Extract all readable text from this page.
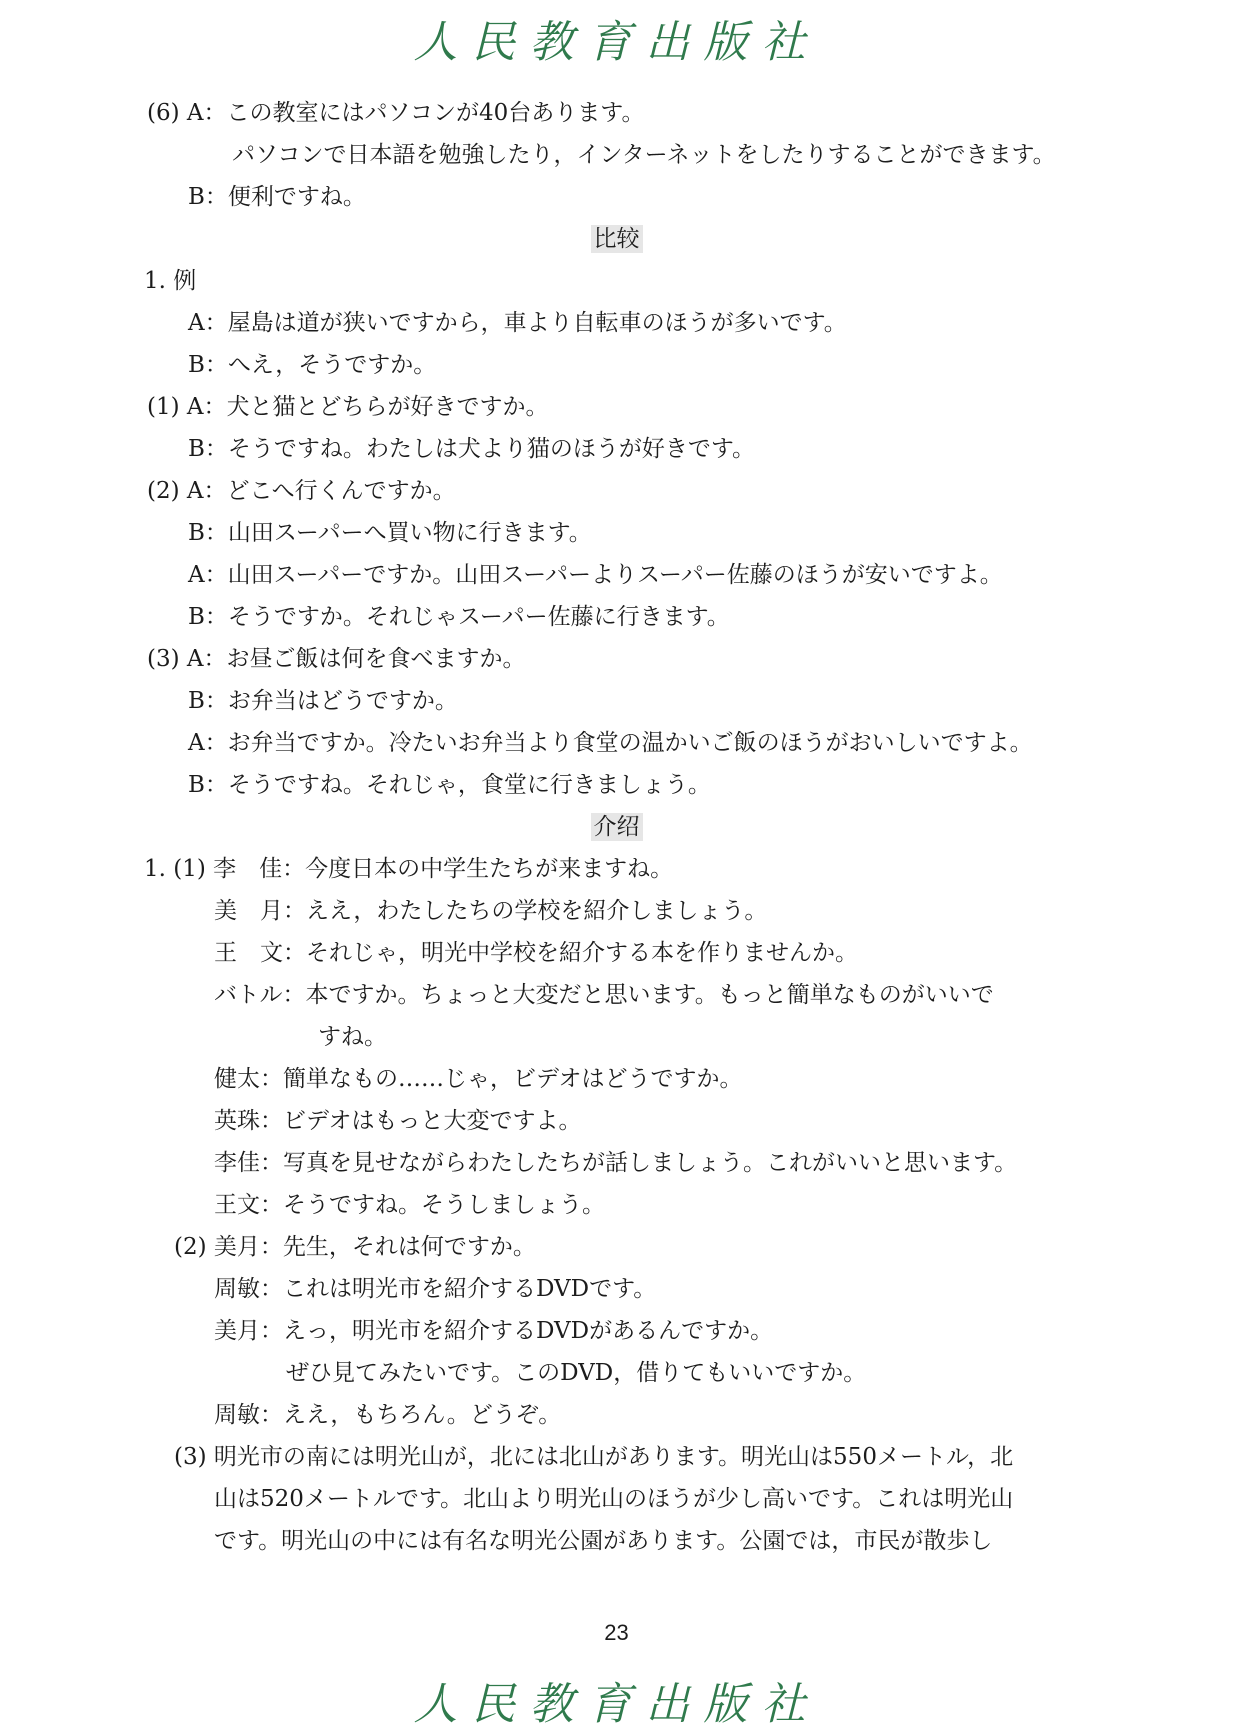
人民教育出版社
(6) A：この教室にはパソコンが40台あります。
パソコンで日本語を勉強したり，インターネットをしたりすることができます。
B：便利ですね。
比较
1. 例
A：屋島は道が狭いですから，車より自転車のほうが多いです。
B：へえ，そうですか。
(1) A：犬と猫とどちらが好きですか。
B：そうですね。わたしは犬より猫のほうが好きです。
(2) A：どこへ行くんですか。
B：山田スーパーへ買い物に行きます。
A：山田スーパーですか。山田スーパーよりスーパー佐藤のほうが安いですよ。
B：そうですか。それじゃスーパー佐藤に行きます。
(3) A：お昼ご飯は何を食べますか。
B：お弁当はどうですか。
A：お弁当ですか。冷たいお弁当より食堂の温かいご飯のほうがおいしいですよ。
B：そうですね。それじゃ，食堂に行きましょう。
介绍
1. (1) 李　佳：今度日本の中学生たちが来ますね。
美　月：ええ，わたしたちの学校を紹介しましょう。
王　文：それじゃ，明光中学校を紹介する本を作りませんか。
バトル：本ですか。ちょっと大変だと思います。もっと簡単なものがいいで
すね。
健太：簡単なもの……じゃ，ビデオはどうですか。
英珠：ビデオはもっと大変ですよ。
李佳：写真を見せながらわたしたちが話しましょう。これがいいと思います。
王文：そうですね。そうしましょう。
(2) 美月：先生，それは何ですか。
周敏：これは明光市を紹介するDVDです。
美月：えっ，明光市を紹介するDVDがあるんですか。
ぜひ見てみたいです。このDVD，借りてもいいですか。
周敏：ええ，もちろん。どうぞ。
(3) 明光市の南には明光山が，北には北山があります。明光山は550メートル，北
山は520メートルです。北山より明光山のほうが少し高いです。これは明光山
です。明光山の中には有名な明光公園があります。公園では，市民が散歩し
23
人民教育出版社
